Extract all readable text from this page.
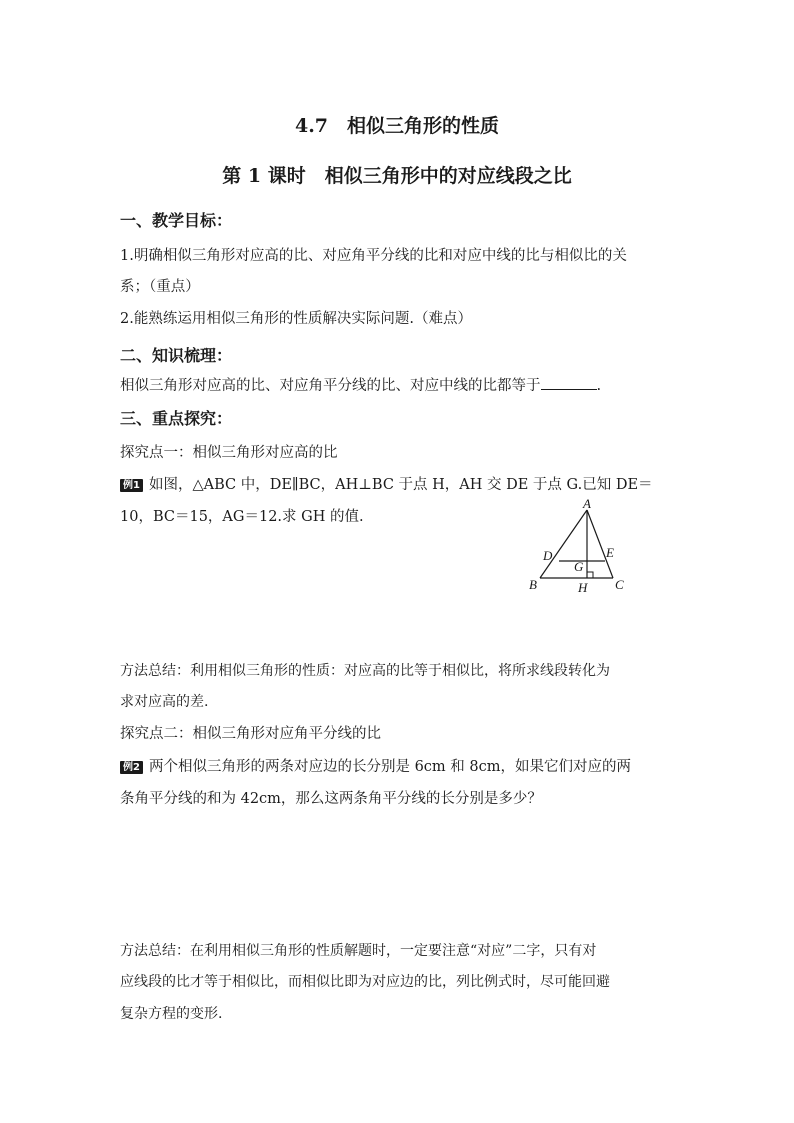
4.7　相似三角形的性质
第 1 课时　相似三角形中的对应线段之比

一、教学目标：

1.明确相似三角形对应高的比、对应角平分线的比和对应中线的比与相似比的关

系；（重点）

2.能熟练运用相似三角形的性质解决实际问题.（难点）

二、知识梳理：

相似三角形对应高的比、对应角平分线的比、对应中线的比都等于	.

三、重点探究：

探究点一：相似三角形对应高的比

例1 如图，△ABC 中，DE∥BC，AH⊥BC 于点 H，AH 交 DE 于点 G.已知 DE＝

10，BC＝15，AG＝12.求 GH 的值.

A
B	C
D	E
G
H

方法总结：利用相似三角形的性质：对应高的比等于相似比，将所求线段转化为

求对应高的差.

探究点二：相似三角形对应角平分线的比

例2 两个相似三角形的两条对应边的长分别是 6cm 和 8cm，如果它们对应的两

条角平分线的和为 42cm，那么这两条角平分线的长分别是多少？

方法总结：在利用相似三角形的性质解题时，一定要注意“对应”二字，只有对

应线段的比才等于相似比，而相似比即为对应边的比，列比例式时，尽可能回避

复杂方程的变形.
